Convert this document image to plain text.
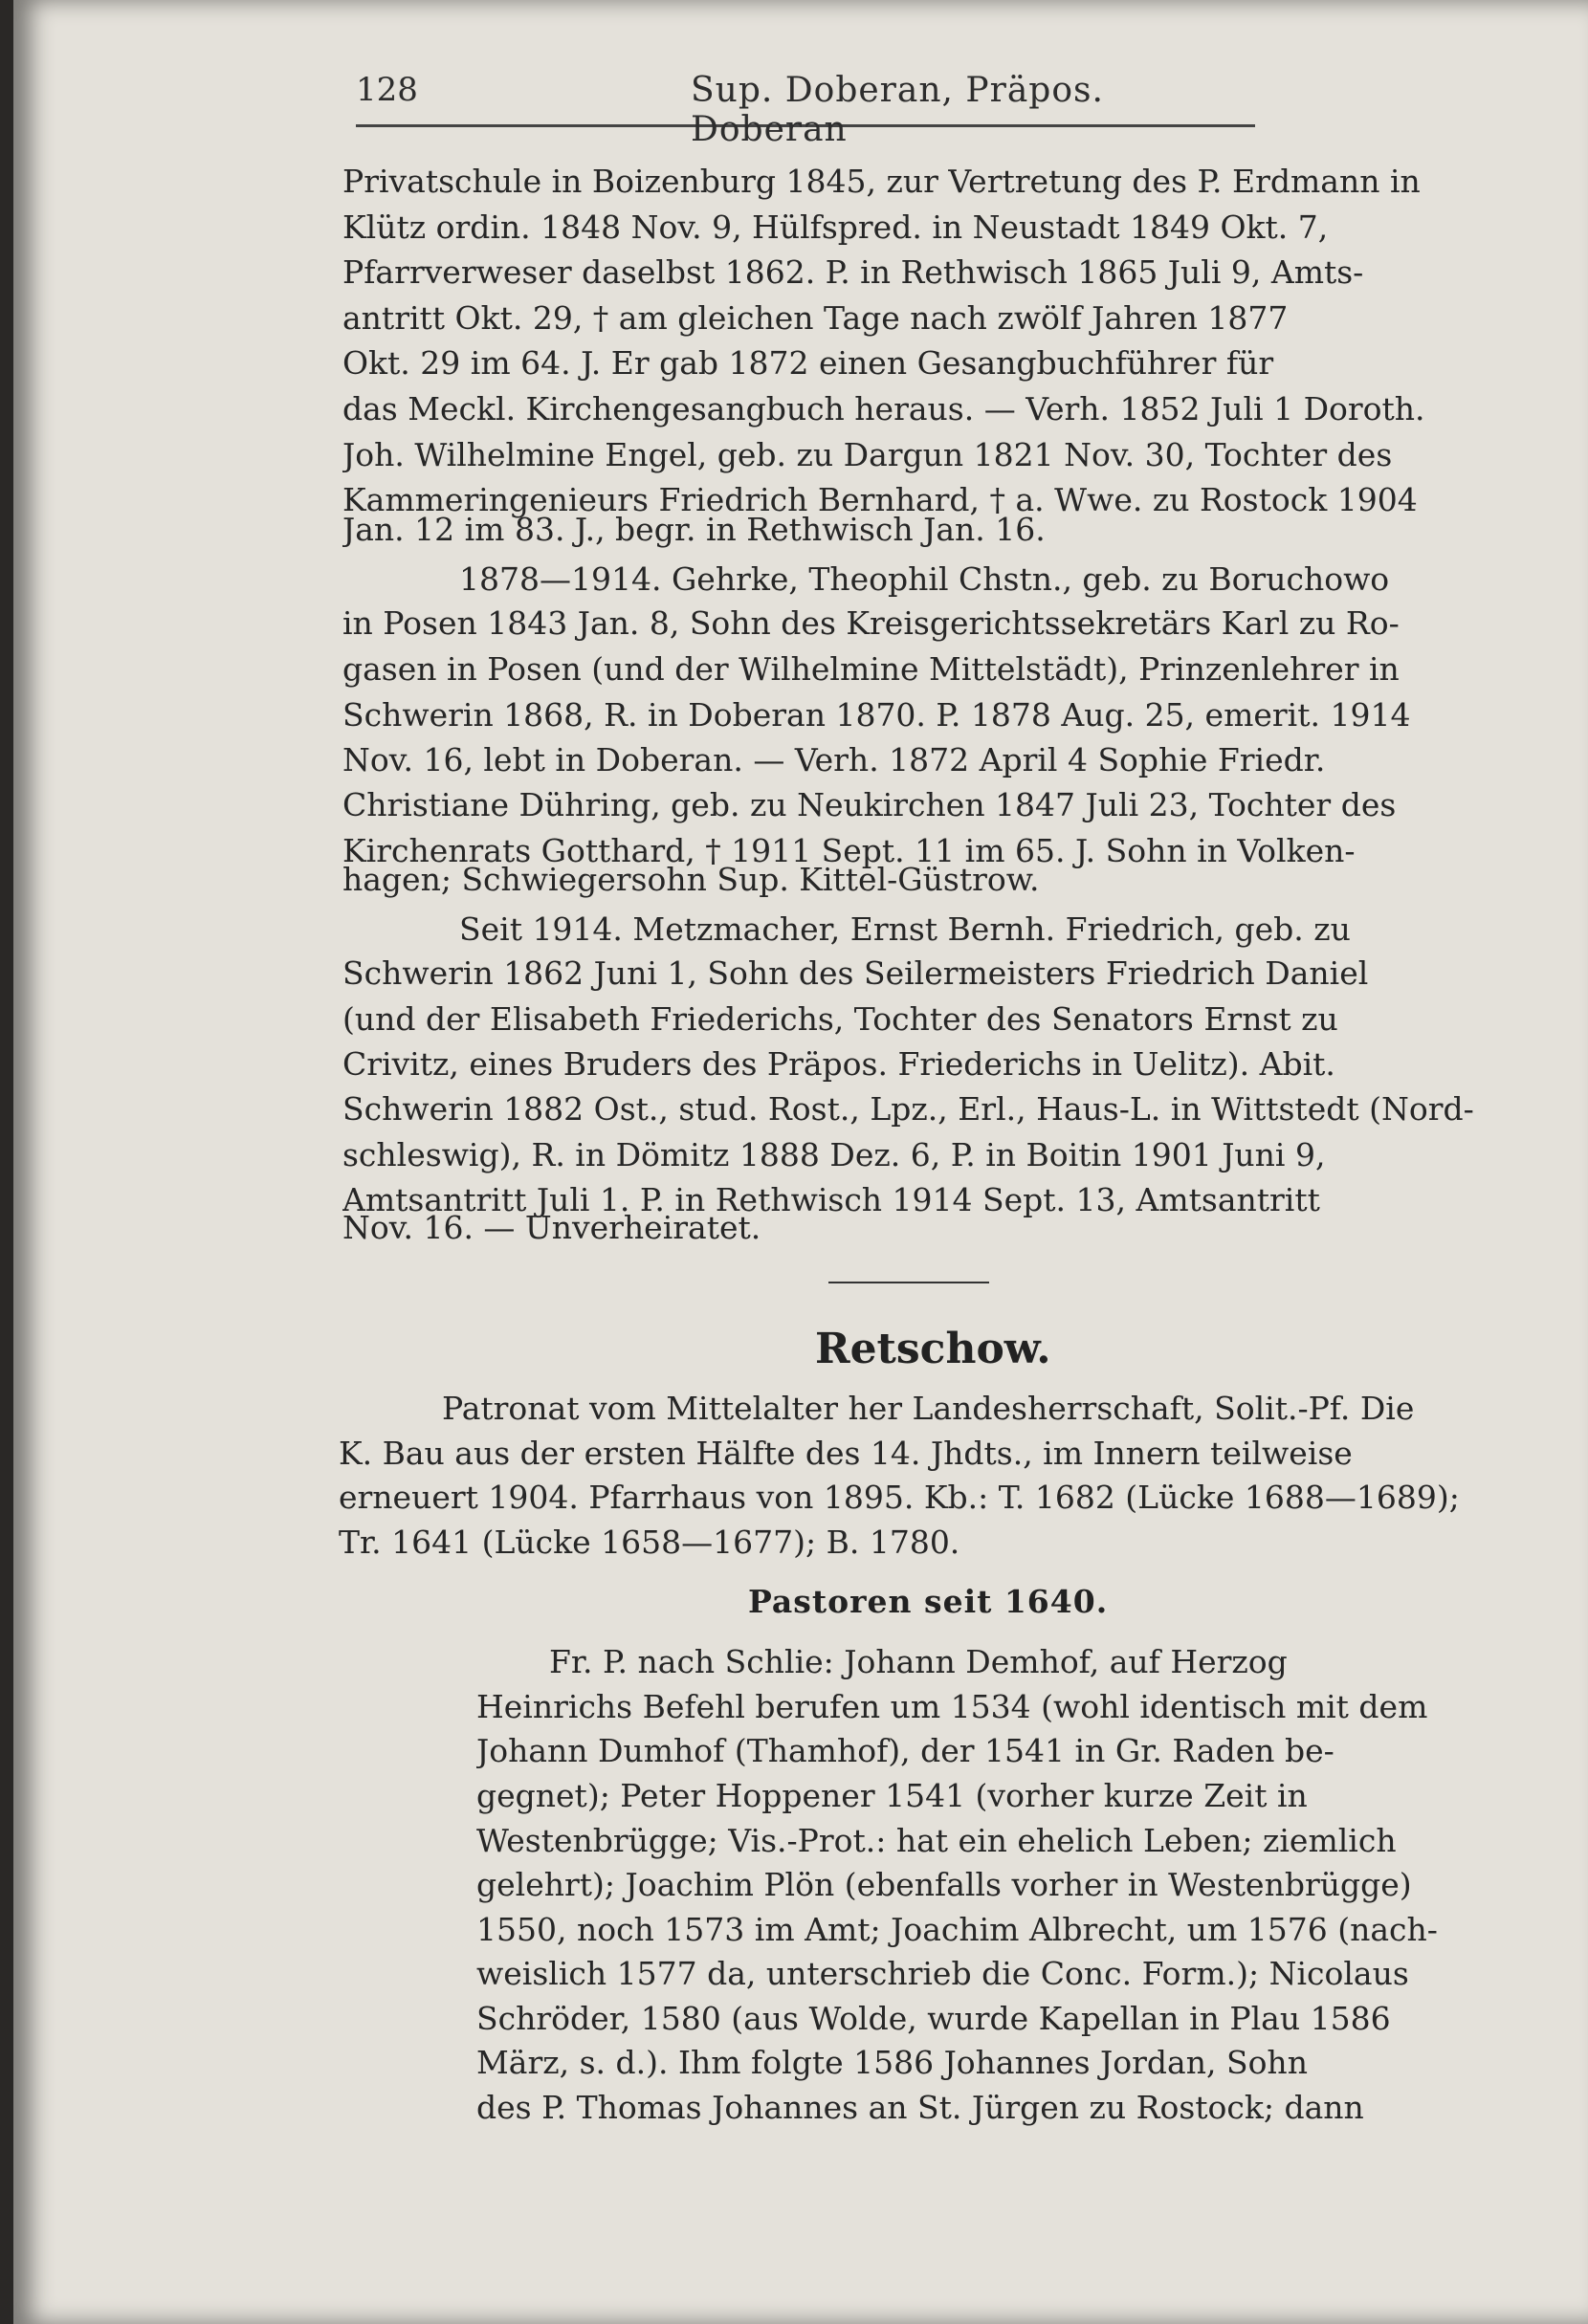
128	Sup. Doberan, Präpos. Doberan
Privatschule in Boizenburg 1845, zur Vertretung des P. Erdmann in
Klütz ordin. 1848 Nov. 9, Hülfspred. in Neustadt 1849 Okt. 7,
Pfarrverweser daselbst 1862. P. in Rethwisch 1865 Juli 9, Amts-
antritt Okt. 29, † am gleichen Tage nach zwölf Jahren 1877
Okt. 29 im 64. J. Er gab 1872 einen Gesangbuchführer für
das Meckl. Kirchengesangbuch heraus. — Verh. 1852 Juli 1 Doroth.
Joh. Wilhelmine Engel, geb. zu Dargun 1821 Nov. 30, Tochter des
Kammeringenieurs Friedrich Bernhard, † a. Wwe. zu Rostock 1904
Jan. 12 im 83. J., begr. in Rethwisch Jan. 16.
1878—1914. Gehrke, Theophil Chstn., geb. zu Boruchowo
in Posen 1843 Jan. 8, Sohn des Kreisgerichtssekretärs Karl zu Ro-
gasen in Posen (und der Wilhelmine Mittelstädt), Prinzenlehrer in
Schwerin 1868, R. in Doberan 1870. P. 1878 Aug. 25, emerit. 1914
Nov. 16, lebt in Doberan. — Verh. 1872 April 4 Sophie Friedr.
Christiane Dühring, geb. zu Neukirchen 1847 Juli 23, Tochter des
Kirchenrats Gotthard, † 1911 Sept. 11 im 65. J. Sohn in Volken-
hagen; Schwiegersohn Sup. Kittel-Güstrow.
Seit 1914. Metzmacher, Ernst Bernh. Friedrich, geb. zu
Schwerin 1862 Juni 1, Sohn des Seilermeisters Friedrich Daniel
(und der Elisabeth Friederichs, Tochter des Senators Ernst zu
Crivitz, eines Bruders des Präpos. Friederichs in Uelitz). Abit.
Schwerin 1882 Ost., stud. Rost., Lpz., Erl., Haus-L. in Wittstedt (Nord-
schleswig), R. in Dömitz 1888 Dez. 6, P. in Boitin 1901 Juni 9,
Amtsantritt Juli 1. P. in Rethwisch 1914 Sept. 13, Amtsantritt
Nov. 16. — Unverheiratet.
Retschow.
Patronat vom Mittelalter her Landesherrschaft, Solit.-Pf. Die
K. Bau aus der ersten Hälfte des 14. Jhdts., im Innern teilweise
erneuert 1904. Pfarrhaus von 1895. Kb.: T. 1682 (Lücke 1688—1689);
Tr. 1641 (Lücke 1658—1677); B. 1780.
Pastoren seit 1640.
Fr. P. nach Schlie: Johann Demhof, auf Herzog
Heinrichs Befehl berufen um 1534 (wohl identisch mit dem
Johann Dumhof (Thamhof), der 1541 in Gr. Raden be-
gegnet); Peter Hoppener 1541 (vorher kurze Zeit in
Westenbrügge; Vis.-Prot.: hat ein ehelich Leben; ziemlich
gelehrt); Joachim Plön (ebenfalls vorher in Westenbrügge)
1550, noch 1573 im Amt; Joachim Albrecht, um 1576 (nach-
weislich 1577 da, unterschrieb die Conc. Form.); Nicolaus
Schröder, 1580 (aus Wolde, wurde Kapellan in Plau 1586
März, s. d.). Ihm folgte 1586 Johannes Jordan, Sohn
des P. Thomas Johannes an St. Jürgen zu Rostock; dann
